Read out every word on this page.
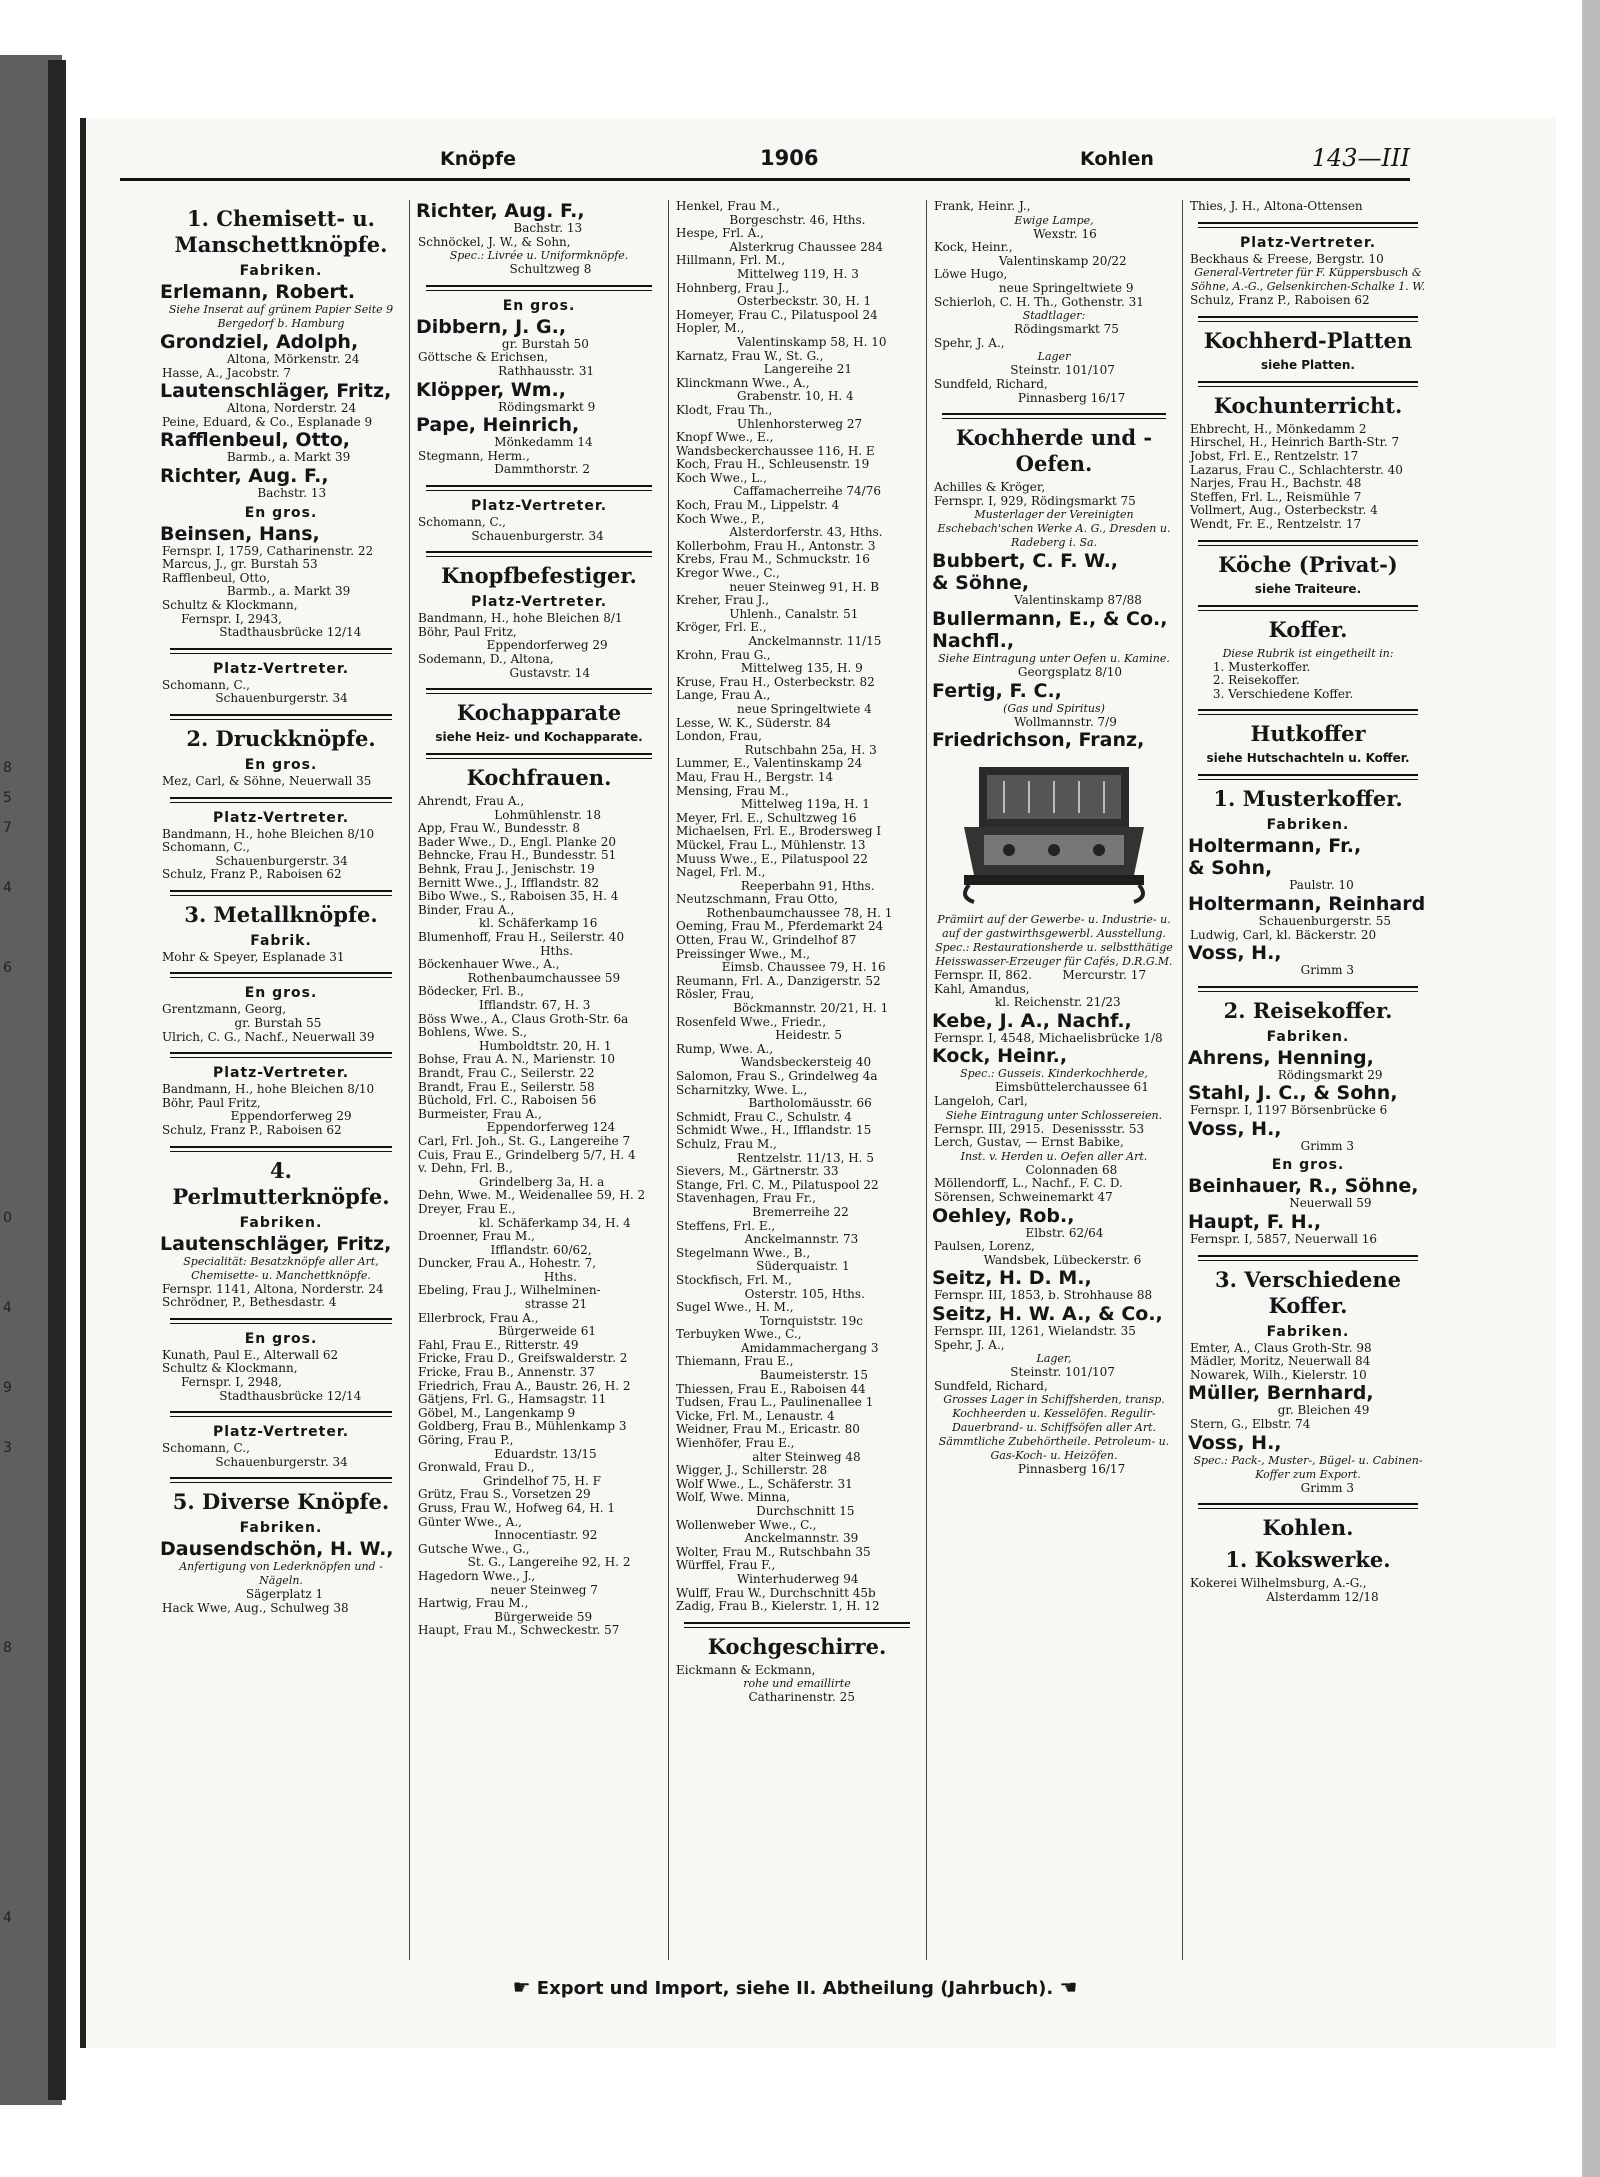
8
5
7
4
6
0
4
9
3
8
4
Knöpfe	1906	Kohlen	143—III
1. Chemisett- u. Manschettknöpfe.
Fabriken.
Erlemann, Robert.
Siehe Inserat auf grünem Papier Seite 9
Bergedorf b. Hamburg
Grondziel, Adolph,
Altona, Mörkenstr. 24
Hasse, A., Jacobstr. 7
Lautenschläger, Fritz,
Altona, Norderstr. 24
Peine, Eduard, & Co., Esplanade 9
Rafflenbeul, Otto,
Barmb., a. Markt 39
Richter, Aug. F.,
Bachstr. 13
En gros.
Beinsen, Hans,
Fernspr. I, 1759, Catharinenstr. 22
Marcus, J., gr. Burstah 53
Rafflenbeul, Otto,
Barmb., a. Markt 39
Schultz & Klockmann,
Fernspr. I, 2943,
Stadthausbrücke 12/14
Platz-Vertreter.
Schomann, C.,
Schauenburgerstr. 34
2. Druckknöpfe.
En gros.
Mez, Carl, & Söhne, Neuerwall 35
Platz-Vertreter.
Bandmann, H., hohe Bleichen 8/10
Schomann, C.,
Schauenburgerstr. 34
Schulz, Franz P., Raboisen 62
3. Metallknöpfe.
Fabrik.
Mohr & Speyer, Esplanade 31
En gros.
Grentzmann, Georg,
gr. Burstah 55
Ulrich, C. G., Nachf., Neuerwall 39
Platz-Vertreter.
Bandmann, H., hohe Bleichen 8/10
Böhr, Paul Fritz,
Eppendorferweg 29
Schulz, Franz P., Raboisen 62
4. Perlmutterknöpfe.
Fabriken.
Lautenschläger, Fritz,
Specialität: Besatzknöpfe aller Art, Chemisette- u. Manchettknöpfe.
Fernspr. 1141, Altona, Norderstr. 24
Schrödner, P., Bethesdastr. 4
En gros.
Kunath, Paul E., Alterwall 62
Schultz & Klockmann,
Fernspr. I, 2948,
Stadthausbrücke 12/14
Platz-Vertreter.
Schomann, C.,
Schauenburgerstr. 34
5. Diverse Knöpfe.
Fabriken.
Dausendschön, H. W.,
Anfertigung von Lederknöpfen und -Nägeln.
Sägerplatz 1
Hack Wwe, Aug., Schulweg 38
Richter, Aug. F.,
Bachstr. 13
Schnöckel, J. W., & Sohn,
Spec.: Livrée u. Uniformknöpfe.
Schultzweg 8
En gros.
Dibbern, J. G.,
gr. Burstah 50
Göttsche & Erichsen,
Rathhausstr. 31
Klöpper, Wm.,
Rödingsmarkt 9
Pape, Heinrich,
Mönkedamm 14
Stegmann, Herm.,
Dammthorstr. 2
Platz-Vertreter.
Schomann, C.,
Schauenburgerstr. 34
Knopfbefestiger.
Platz-Vertreter.
Bandmann, H., hohe Bleichen 8/1
Böhr, Paul Fritz,
Eppendorferweg 29
Sodemann, D., Altona,
Gustavstr. 14
Kochapparate
siehe Heiz- und Kochapparate.
Kochfrauen.
Ahrendt, Frau A.,
Lohmühlenstr. 18
App, Frau W., Bundesstr. 8
Bader Wwe., D., Engl. Planke 20
Behncke, Frau H., Bundesstr. 51
Behnk, Frau J., Jenischstr. 19
Bernitt Wwe., J., Ifflandstr. 82
Bibo Wwe., S., Raboisen 35, H. 4
Binder, Frau A.,
kl. Schäferkamp 16
Blumenhoff, Frau H., Seilerstr. 40
Hths.
Böckenhauer Wwe., A.,
Rothenbaumchaussee 59
Bödecker, Frl. B.,
Ifflandstr. 67, H. 3
Böss Wwe., A., Claus Groth-Str. 6a
Bohlens, Wwe. S.,
Humboldtstr. 20, H. 1
Bohse, Frau A. N., Marienstr. 10
Brandt, Frau C., Seilerstr. 22
Brandt, Frau E., Seilerstr. 58
Büchold, Frl. C., Raboisen 56
Burmeister, Frau A.,
Eppendorferweg 124
Carl, Frl. Joh., St. G., Langereihe 7
Cuis, Frau E., Grindelberg 5/7, H. 4
v. Dehn, Frl. B.,
Grindelberg 3a, H. a
Dehn, Wwe. M., Weidenallee 59, H. 2
Dreyer, Frau E.,
kl. Schäferkamp 34, H. 4
Droenner, Frau M.,
Ifflandstr. 60/62,
Duncker, Frau A., Hohestr. 7,
Hths.
Ebeling, Frau J., Wilhelminen-
strasse 21
Ellerbrock, Frau A.,
Bürgerweide 61
Fahl, Frau E., Ritterstr. 49
Fricke, Frau D., Greifswalderstr. 2
Fricke, Frau B., Annenstr. 37
Friedrich, Frau A., Baustr. 26, H. 2
Gätjens, Frl. G., Hamsagstr. 11
Göbel, M., Langenkamp 9
Goldberg, Frau B., Mühlenkamp 3
Göring, Frau P.,
Eduardstr. 13/15
Gronwald, Frau D.,
Grindelhof 75, H. F
Grütz, Frau S., Vorsetzen 29
Gruss, Frau W., Hofweg 64, H. 1
Günter Wwe., A.,
Innocentiastr. 92
Gutsche Wwe., G.,
St. G., Langereihe 92, H. 2
Hagedorn Wwe., J.,
neuer Steinweg 7
Hartwig, Frau M.,
Bürgerweide 59
Haupt, Frau M., Schweckestr. 57
Henkel, Frau M.,
Borgeschstr. 46, Hths.
Hespe, Frl. A.,
Alsterkrug Chaussee 284
Hillmann, Frl. M.,
Mittelweg 119, H. 3
Hohnberg, Frau J.,
Osterbeckstr. 30, H. 1
Homeyer, Frau C., Pilatuspool 24
Hopler, M.,
Valentinskamp 58, H. 10
Karnatz, Frau W., St. G.,
Langereihe 21
Klinckmann Wwe., A.,
Grabenstr. 10, H. 4
Klodt, Frau Th.,
Uhlenhorsterweg 27
Knopf Wwe., E.,
Wandsbeckerchaussee 116, H. E
Koch, Frau H., Schleusenstr. 19
Koch Wwe., L.,
Caffamacherreihe 74/76
Koch, Frau M., Lippelstr. 4
Koch Wwe., P.,
Alsterdorferstr. 43, Hths.
Kollerbohm, Frau H., Antonstr. 3
Krebs, Frau M., Schmuckstr. 16
Kregor Wwe., C.,
neuer Steinweg 91, H. B
Kreher, Frau J.,
Uhlenh., Canalstr. 51
Kröger, Frl. E.,
Anckelmannstr. 11/15
Krohn, Frau G.,
Mittelweg 135, H. 9
Kruse, Frau H., Osterbeckstr. 82
Lange, Frau A.,
neue Springeltwiete 4
Lesse, W. K., Süderstr. 84
London, Frau,
Rutschbahn 25a, H. 3
Lummer, E., Valentinskamp 24
Mau, Frau H., Bergstr. 14
Mensing, Frau M.,
Mittelweg 119a, H. 1
Meyer, Frl. E., Schultzweg 16
Michaelsen, Frl. E., Brodersweg I
Mückel, Frau L., Mühlenstr. 13
Muuss Wwe., E., Pilatuspool 22
Nagel, Frl. M.,
Reeperbahn 91, Hths.
Neutzschmann, Frau Otto,
Rothenbaumchaussee 78, H. 1
Oeming, Frau M., Pferdemarkt 24
Otten, Frau W., Grindelhof 87
Preissinger Wwe., M.,
Eimsb. Chaussee 79, H. 16
Reumann, Frl. A., Danzigerstr. 52
Rösler, Frau,
Böckmannstr. 20/21, H. 1
Rosenfeld Wwe., Friedr.,
Heidestr. 5
Rump, Wwe. A.,
Wandsbeckersteig 40
Salomon, Frau S., Grindelweg 4a
Scharnitzky, Wwe. L.,
Bartholomäusstr. 66
Schmidt, Frau C., Schulstr. 4
Schmidt Wwe., H., Ifflandstr. 15
Schulz, Frau M.,
Rentzelstr. 11/13, H. 5
Sievers, M., Gärtnerstr. 33
Stange, Frl. C. M., Pilatuspool 22
Stavenhagen, Frau Fr.,
Bremerreihe 22
Steffens, Frl. E.,
Anckelmannstr. 73
Stegelmann Wwe., B.,
Süderquaistr. 1
Stockfisch, Frl. M.,
Osterstr. 105, Hths.
Sugel Wwe., H. M.,
Tornquiststr. 19c
Terbuyken Wwe., C.,
Amidammachergang 3
Thiemann, Frau E.,
Baumeisterstr. 15
Thiessen, Frau E., Raboisen 44
Tudsen, Frau L., Paulinenallee 1
Vicke, Frl. M., Lenaustr. 4
Weidner, Frau M., Ericastr. 80
Wienhöfer, Frau E.,
alter Steinweg 48
Wigger, J., Schillerstr. 28
Wolf Wwe., L., Schäferstr. 31
Wolf, Wwe. Minna,
Durchschnitt 15
Wollenweber Wwe., C.,
Anckelmannstr. 39
Wolter, Frau M., Rutschbahn 35
Würffel, Frau F.,
Winterhuderweg 94
Wulff, Frau W., Durchschnitt 45b
Zadig, Frau B., Kielerstr. 1, H. 12
Kochgeschirre.
Eickmann & Eckmann,
rohe und emaillirte
Catharinenstr. 25
Frank, Heinr. J.,
Ewige Lampe,
Wexstr. 16
Kock, Heinr.,
Valentinskamp 20/22
Löwe Hugo,
neue Springeltwiete 9
Schierloh, C. H. Th., Gothenstr. 31
Stadtlager:
Rödingsmarkt 75
Spehr, J. A.,
Lager
Steinstr. 101/107
Sundfeld, Richard,
Pinnasberg 16/17
Kochherde und -Oefen.
Achilles & Kröger,
Fernspr. I, 929, Rödingsmarkt 75
Musterlager der Vereinigten Eschebach'schen Werke A. G., Dresden u. Radeberg i. Sa.
Bubbert, C. F. W.,
& Söhne,
Valentinskamp 87/88
Bullermann, E., & Co.,
Nachfl.,
Siehe Eintragung unter Oefen u. Kamine.
Georgsplatz 8/10
Fertig, F. C.,
(Gas und Spiritus)
Wollmannstr. 7/9
Friedrichson, Franz,
Prämiirt auf der Gewerbe- u. Industrie- u. auf der gastwirthsgewerbl. Ausstellung. Spec.: Restaurationsherde u. selbstthätige Heisswasser-Erzeuger für Cafés, D.R.G.M.
Fernspr. II, 862.        Mercurstr. 17
Kahl, Amandus,
kl. Reichenstr. 21/23
Kebe, J. A., Nachf.,
Fernspr. I, 4548, Michaelisbrücke 1/8
Kock, Heinr.,
Spec.: Gusseis. Kinderkochherde,
Eimsbüttelerchaussee 61
Langeloh, Carl,
Siehe Eintragung unter Schlossereien.
Fernspr. III, 2915.  Desenissstr. 53
Lerch, Gustav, — Ernst Babike,
Inst. v. Herden u. Oefen aller Art.
Colonnaden 68
Möllendorff, L., Nachf., F. C. D.
Sörensen, Schweinemarkt 47
Oehley, Rob.,
Elbstr. 62/64
Paulsen, Lorenz,
Wandsbek, Lübeckerstr. 6
Seitz, H. D. M.,
Fernspr. III, 1853, b. Strohhause 88
Seitz, H. W. A., & Co.,
Fernspr. III, 1261, Wielandstr. 35
Spehr, J. A.,
Lager,
Steinstr. 101/107
Sundfeld, Richard,
Grosses Lager in Schiffsherden, transp. Kochheerden u. Kesselöfen. Regulir-Dauerbrand- u. Schiffsöfen aller Art. Sämmtliche Zubehörtheile. Petroleum- u. Gas-Koch- u. Heizöfen.
Pinnasberg 16/17
Thies, J. H., Altona-Ottensen
Platz-Vertreter.
Beckhaus & Freese, Bergstr. 10
General-Vertreter für F. Küppersbusch & Söhne, A.-G., Gelsenkirchen-Schalke 1. W.
Schulz, Franz P., Raboisen 62
Kochherd-Platten
siehe Platten.
Kochunterricht.
Ehbrecht, H., Mönkedamm 2
Hirschel, H., Heinrich Barth-Str. 7
Jobst, Frl. E., Rentzelstr. 17
Lazarus, Frau C., Schlachterstr. 40
Narjes, Frau H., Bachstr. 48
Steffen, Frl. L., Reismühle 7
Vollmert, Aug., Osterbeckstr. 4
Wendt, Fr. E., Rentzelstr. 17
Köche (Privat-)
siehe Traiteure.
Koffer.
Diese Rubrik ist eingetheilt in:
1. Musterkoffer.
2. Reisekoffer.
3. Verschiedene Koffer.
Hutkoffer
siehe Hutschachteln u. Koffer.
1. Musterkoffer.
Fabriken.
Holtermann, Fr.,
& Sohn,
Paulstr. 10
Holtermann, Reinhard
Schauenburgerstr. 55
Ludwig, Carl, kl. Bäckerstr. 20
Voss, H.,
Grimm 3
2. Reisekoffer.
Fabriken.
Ahrens, Henning,
Rödingsmarkt 29
Stahl, J. C., & Sohn,
Fernspr. I, 1197 Börsenbrücke 6
Voss, H.,
Grimm 3
En gros.
Beinhauer, R., Söhne,
Neuerwall 59
Haupt, F. H.,
Fernspr. I, 5857, Neuerwall 16
3. Verschiedene Koffer.
Fabriken.
Emter, A., Claus Groth-Str. 98
Mädler, Moritz, Neuerwall 84
Nowarek, Wilh., Kielerstr. 10
Müller, Bernhard,
gr. Bleichen 49
Stern, G., Elbstr. 74
Voss, H.,
Spec.: Pack-, Muster-, Bügel- u. Cabinen-Koffer zum Export.
Grimm 3
Kohlen.
1. Kokswerke.
Kokerei Wilhelmsburg, A.-G.,
Alsterdamm 12/18
☛ Export und Import, siehe II. Abtheilung (Jahrbuch). ☚
